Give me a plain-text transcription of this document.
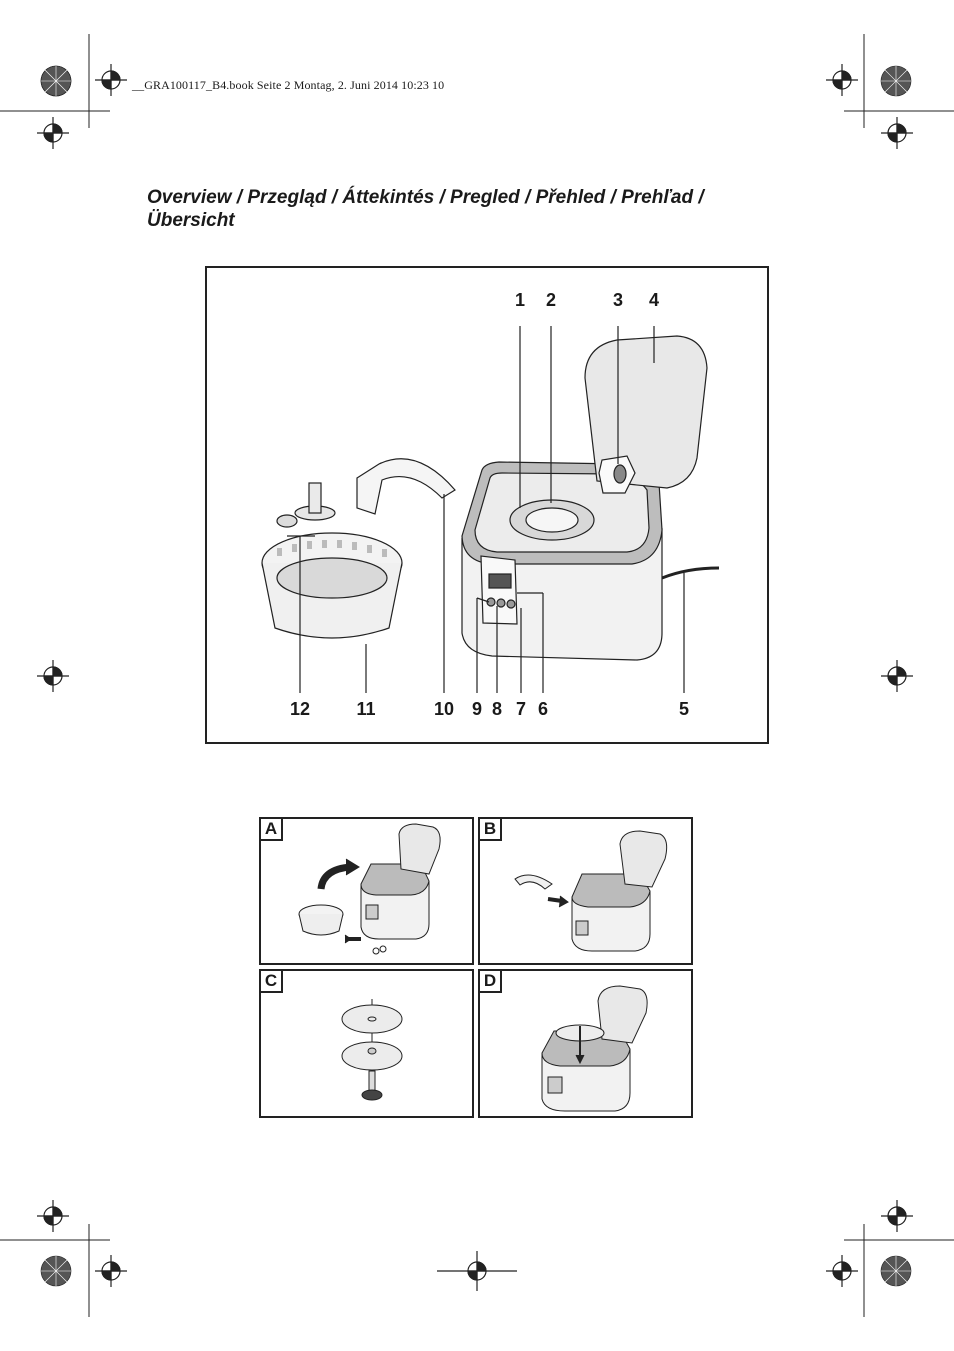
__GRA100117_B4.book Seite 2 Montag, 2. Juni 2014 10:23 10
Overview / Przegląd / Áttekintés / Pregled / Přehled / Prehľad /
Übersicht
1	2	3	4
12	11	10 9 8 7 6	5
A	B
C	D
